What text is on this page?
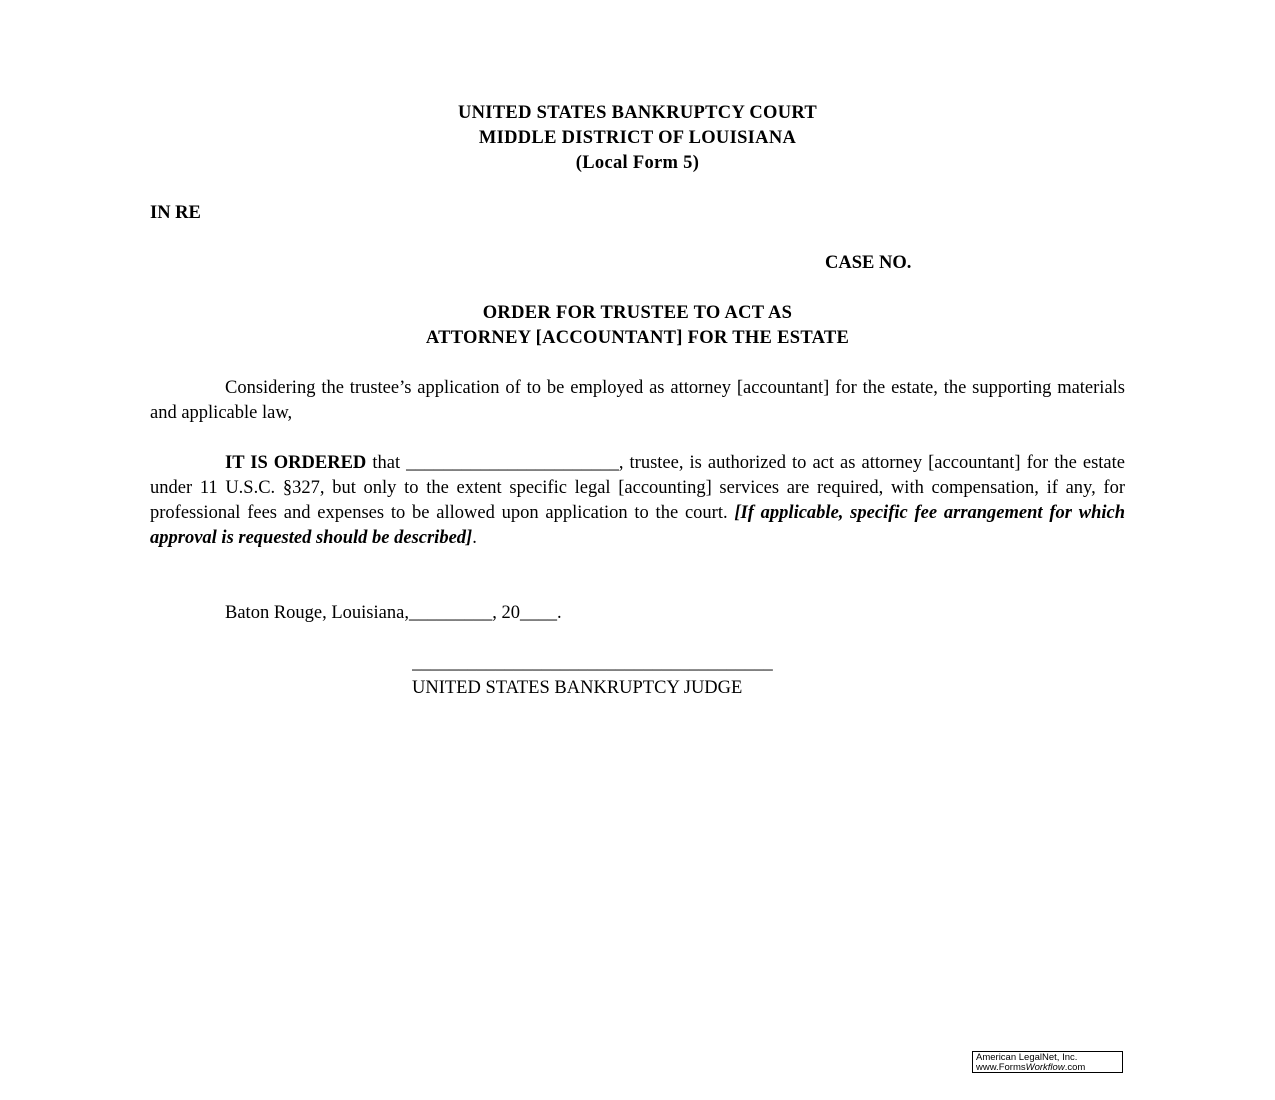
UNITED STATES BANKRUPTCY COURT
MIDDLE DISTRICT OF LOUISIANA
(Local Form 5)
IN RE
CASE NO.
ORDER FOR TRUSTEE TO ACT AS
ATTORNEY [ACCOUNTANT] FOR THE ESTATE
Considering the trustee’s application of to be employed as attorney [accountant] for the estate, the supporting materials and applicable law,
IT IS ORDERED that _______________________, trustee, is authorized to act as attorney [accountant] for the estate under 11 U.S.C. §327, but only to the extent specific legal [accounting] services are required, with compensation, if any, for professional fees and expenses to be allowed upon application to the court. [If applicable, specific fee arrangement for which approval is requested should be described].
Baton Rouge, Louisiana,_________, 20____.
_______________________________________
UNITED STATES BANKRUPTCY JUDGE
American LegalNet, Inc.
www.FormsWorkflow.com
